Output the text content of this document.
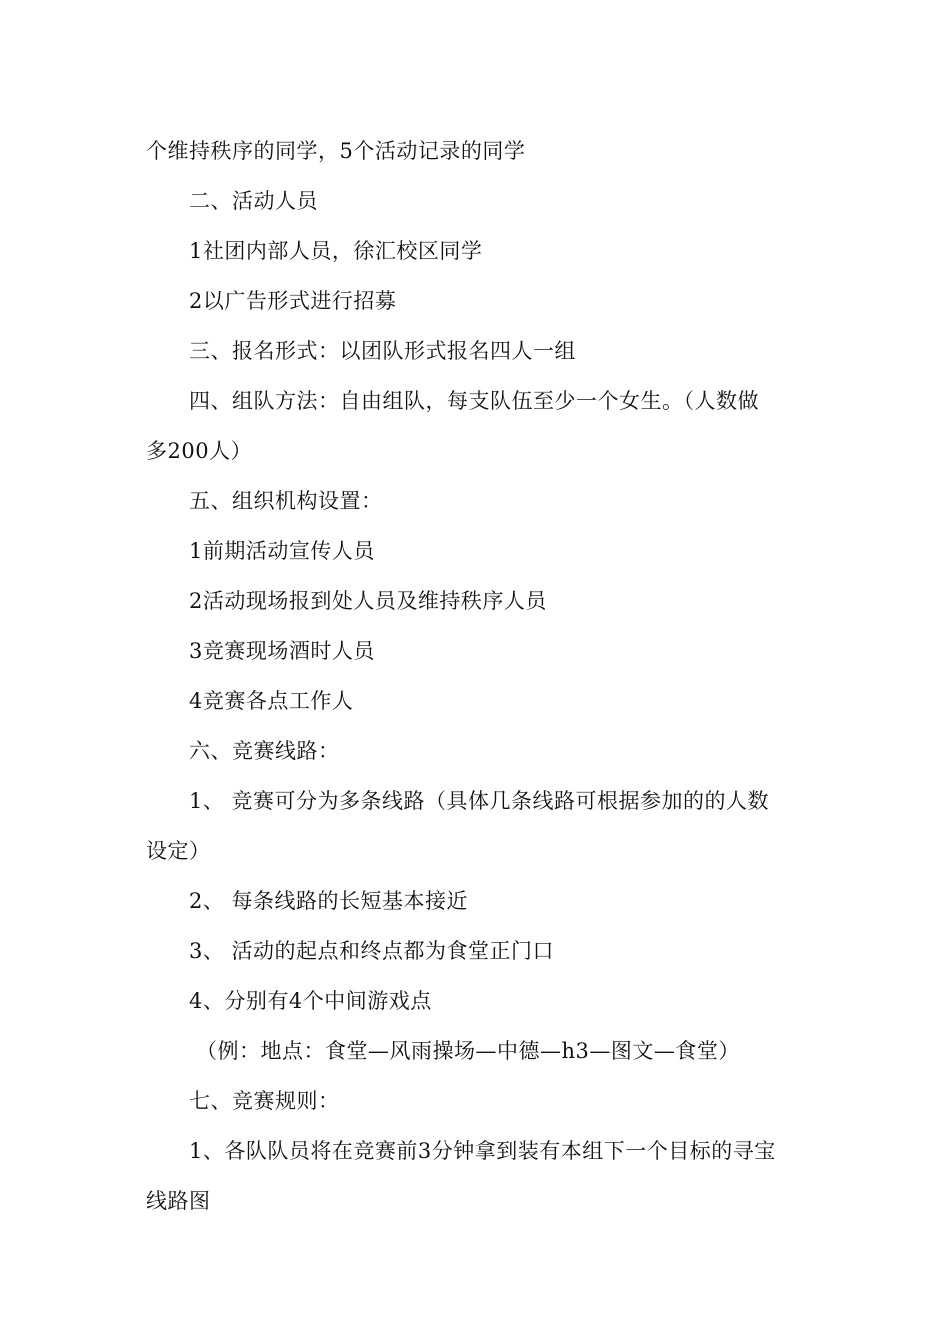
个维持秩序的同学，5个活动记录的同学
二、活动人员
1社团内部人员，徐汇校区同学
2以广告形式进行招募
三、报名形式：以团队形式报名四人一组
四、组队方法：自由组队，每支队伍至少一个女生。（人数做
多200人）
五、组织机构设置：
1前期活动宣传人员
2活动现场报到处人员及维持秩序人员
3竞赛现场酒时人员
4竞赛各点工作人
六、竞赛线路：
1、 竞赛可分为多条线路（具体几条线路可根据参加的的人数
设定）
2、 每条线路的长短基本接近
3、 活动的起点和终点都为食堂正门口
4、分别有4个中间游戏点
（例：地点：食堂—风雨操场—中德—h3—图文—食堂）
七、竞赛规则：
1、各队队员将在竞赛前3分钟拿到装有本组下一个目标的寻宝
线路图
